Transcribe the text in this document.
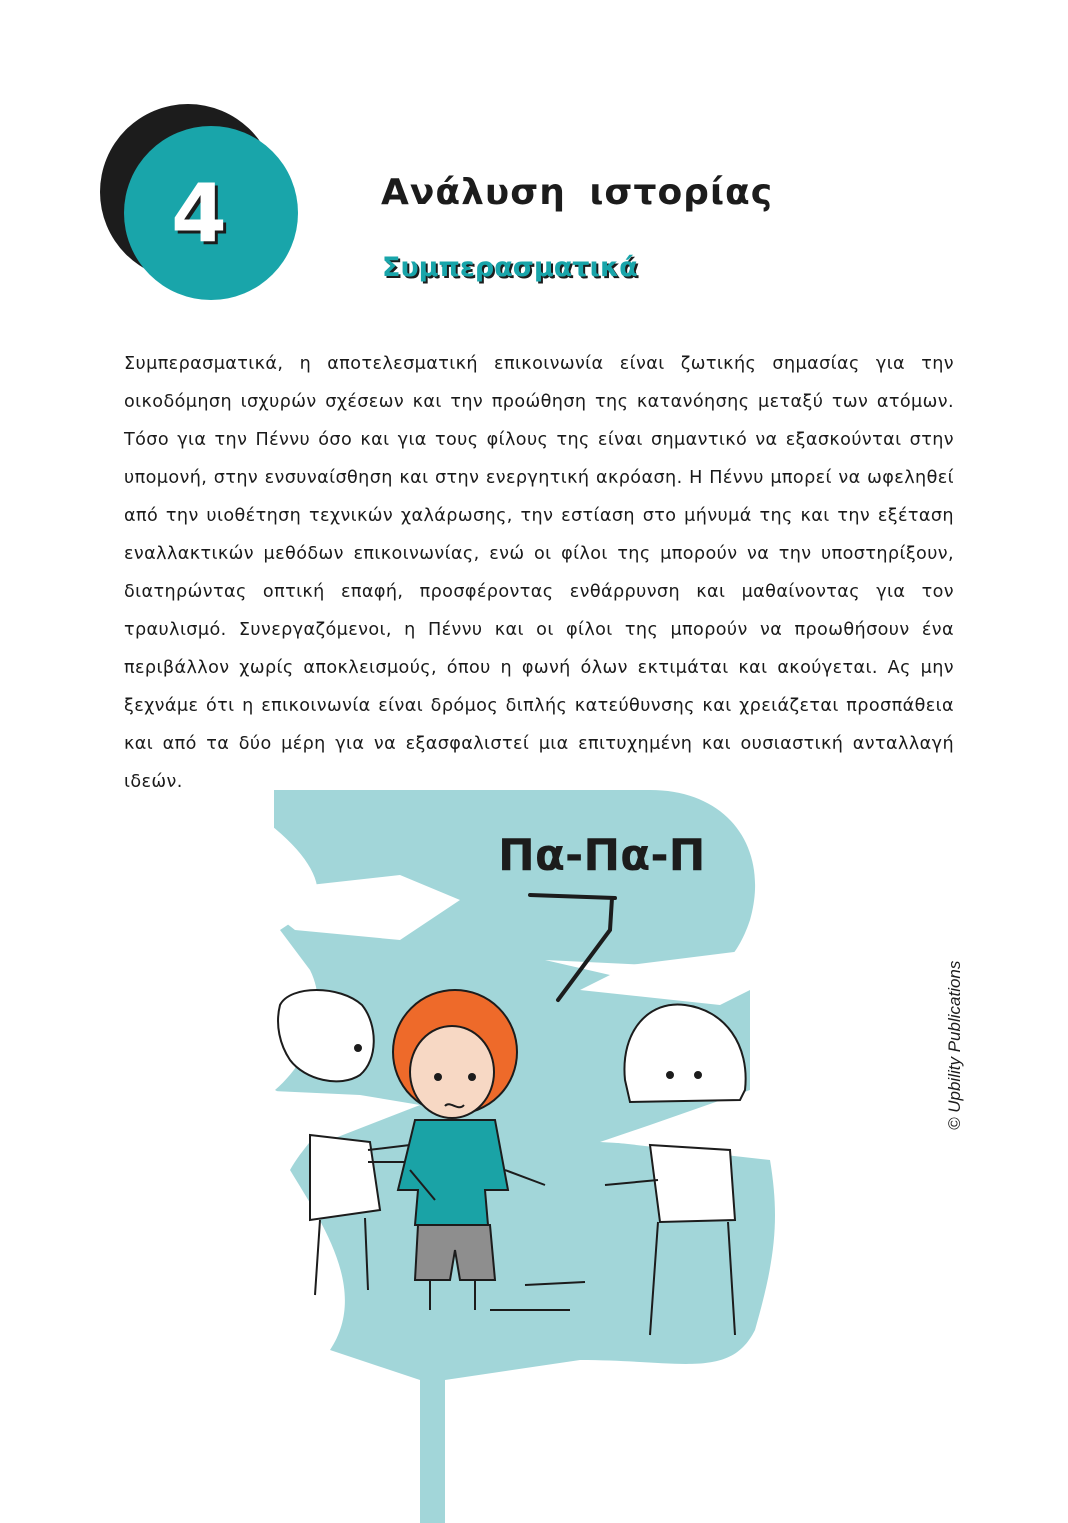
4	Ανάλυση ιστορίας
Συμπερασματικά

Συμπερασματικά, η αποτελεσματική επικοινωνία είναι ζωτικής σημασίας για την οικοδόμηση ισχυρών σχέσεων και την προώθηση της κατανόησης μεταξύ των ατόμων. Τόσο για την Πέννυ όσο και για τους φίλους της είναι σημαντικό να εξασκούνται στην υπομονή, στην ενσυναίσθηση και στην ενεργητική ακρόαση. Η Πέννυ μπορεί να ωφεληθεί από την υιοθέτηση τεχνικών χαλάρωσης, την εστίαση στο μήνυμά της και την εξέταση εναλλακτικών μεθόδων επικοινωνίας, ενώ οι φίλοι της μπορούν να την υποστηρίξουν, διατηρώντας οπτική επαφή, προσφέροντας ενθάρρυνση και μαθαίνοντας για τον τραυλισμό. Συνεργαζόμενοι, η Πέννυ και οι φίλοι της μπορούν να προωθήσουν ένα περιβάλλον χωρίς αποκλεισμούς, όπου η φωνή όλων εκτιμάται και ακούγεται. Ας μην ξεχνάμε ότι η επικοινωνία είναι δρόμος διπλής κατεύθυνσης και χρειάζεται προσπάθεια και από τα δύο μέρη για να εξασφαλιστεί μια επιτυχημένη και ουσιαστική ανταλλαγή ιδεών.

Πα-Πα-Π
© Upbility Publications
